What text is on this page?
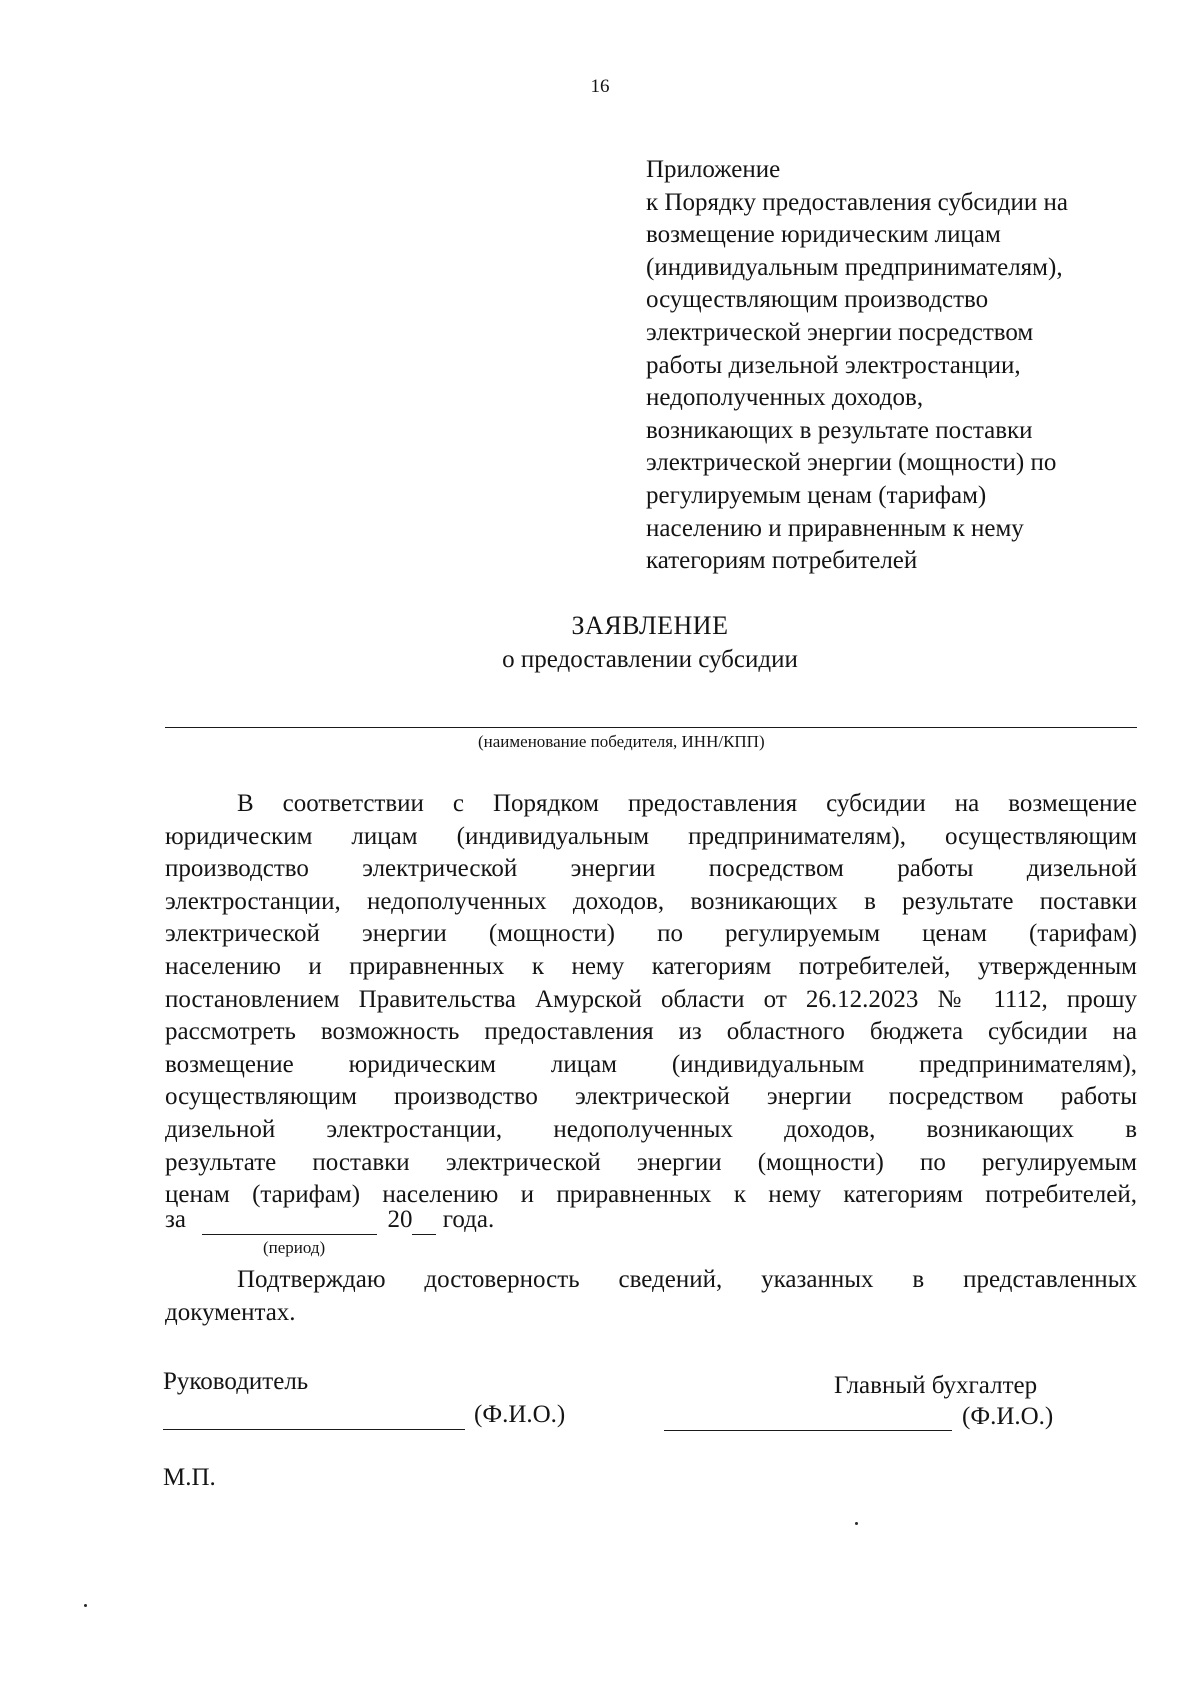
16
Приложение
к Порядку предоставления субсидии на
возмещение юридическим лицам
(индивидуальным предпринимателям),
осуществляющим производство
электрической энергии посредством
работы дизельной электростанции,
недополученных доходов,
возникающих в результате поставки
электрической энергии (мощности) по
регулируемым ценам (тарифам)
населению и приравненным к нему
категориям потребителей
ЗАЯВЛЕНИЕ
о предоставлении субсидии
(наименование победителя, ИНН/КПП)
В соответствии с Порядком предоставления субсидии на возмещение
юридическим лицам (индивидуальным предпринимателям), осуществляющим
производство электрической энергии посредством работы дизельной
электростанции, недополученных доходов, возникающих в результате поставки
электрической энергии (мощности) по регулируемым ценам (тарифам)
населению и приравненных к нему категориям потребителей, утвержденным
постановлением Правительства Амурской области от 26.12.2023 № 1112, прошу
рассмотреть возможность предоставления из областного бюджета субсидии на
возмещение юридическим лицам (индивидуальным предпринимателям),
осуществляющим производство электрической энергии посредством работы
дизельной электростанции, недополученных доходов, возникающих в
результате поставки электрической энергии (мощности) по регулируемым
ценам (тарифам) населению и приравненных к нему категориям потребителей,
за	20 года.
(период)
Подтверждаю достоверность сведений, указанных в представленных
документах.
Руководитель
(Ф.И.О.)
Главный бухгалтер
(Ф.И.О.)
М.П.
